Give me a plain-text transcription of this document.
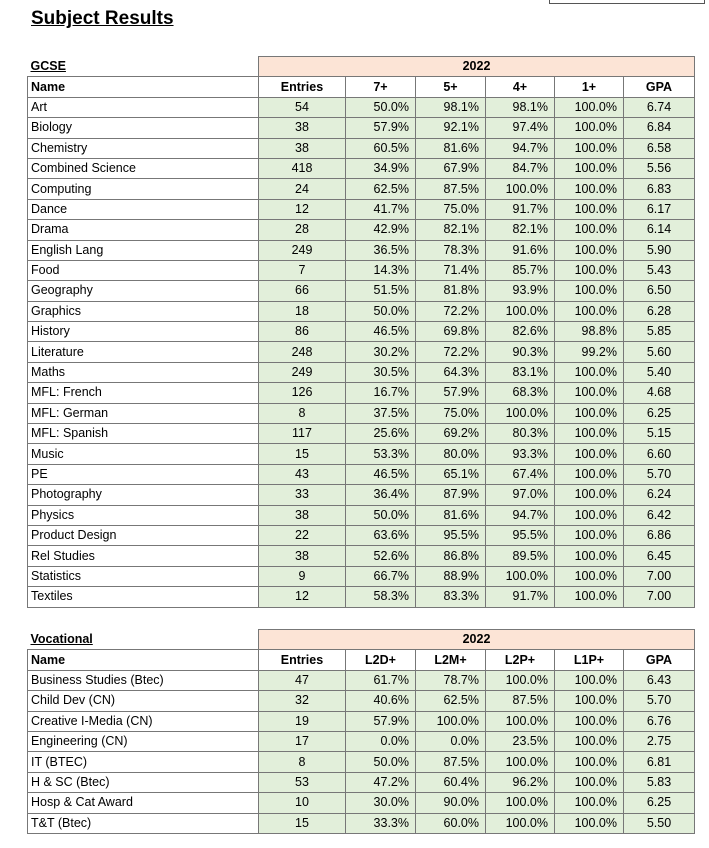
Subject Results
GCSE	2022					
Name	Entries	7+	5+	4+	1+	GPA
Art	54	50.0%	98.1%	98.1%	100.0%	6.74
Biology	38	57.9%	92.1%	97.4%	100.0%	6.84
Chemistry	38	60.5%	81.6%	94.7%	100.0%	6.58
Combined Science	418	34.9%	67.9%	84.7%	100.0%	5.56
Computing	24	62.5%	87.5%	100.0%	100.0%	6.83
Dance	12	41.7%	75.0%	91.7%	100.0%	6.17
Drama	28	42.9%	82.1%	82.1%	100.0%	6.14
English Lang	249	36.5%	78.3%	91.6%	100.0%	5.90
Food	7	14.3%	71.4%	85.7%	100.0%	5.43
Geography	66	51.5%	81.8%	93.9%	100.0%	6.50
Graphics	18	50.0%	72.2%	100.0%	100.0%	6.28
History	86	46.5%	69.8%	82.6%	98.8%	5.85
Literature	248	30.2%	72.2%	90.3%	99.2%	5.60
Maths	249	30.5%	64.3%	83.1%	100.0%	5.40
MFL: French	126	16.7%	57.9%	68.3%	100.0%	4.68
MFL: German	8	37.5%	75.0%	100.0%	100.0%	6.25
MFL: Spanish	117	25.6%	69.2%	80.3%	100.0%	5.15
Music	15	53.3%	80.0%	93.3%	100.0%	6.60
PE	43	46.5%	65.1%	67.4%	100.0%	5.70
Photography	33	36.4%	87.9%	97.0%	100.0%	6.24
Physics	38	50.0%	81.6%	94.7%	100.0%	6.42
Product Design	22	63.6%	95.5%	95.5%	100.0%	6.86
Rel Studies	38	52.6%	86.8%	89.5%	100.0%	6.45
Statistics	9	66.7%	88.9%	100.0%	100.0%	7.00
Textiles	12	58.3%	83.3%	91.7%	100.0%	7.00
Vocational	2022					
Name	Entries	L2D+	L2M+	L2P+	L1P+	GPA
Business Studies (Btec)	47	61.7%	78.7%	100.0%	100.0%	6.43
Child Dev (CN)	32	40.6%	62.5%	87.5%	100.0%	5.70
Creative I-Media (CN)	19	57.9%	100.0%	100.0%	100.0%	6.76
Engineering (CN)	17	0.0%	0.0%	23.5%	100.0%	2.75
IT (BTEC)	8	50.0%	87.5%	100.0%	100.0%	6.81
H & SC (Btec)	53	47.2%	60.4%	96.2%	100.0%	5.83
Hosp & Cat Award	10	30.0%	90.0%	100.0%	100.0%	6.25
T&T (Btec)	15	33.3%	60.0%	100.0%	100.0%	5.50
